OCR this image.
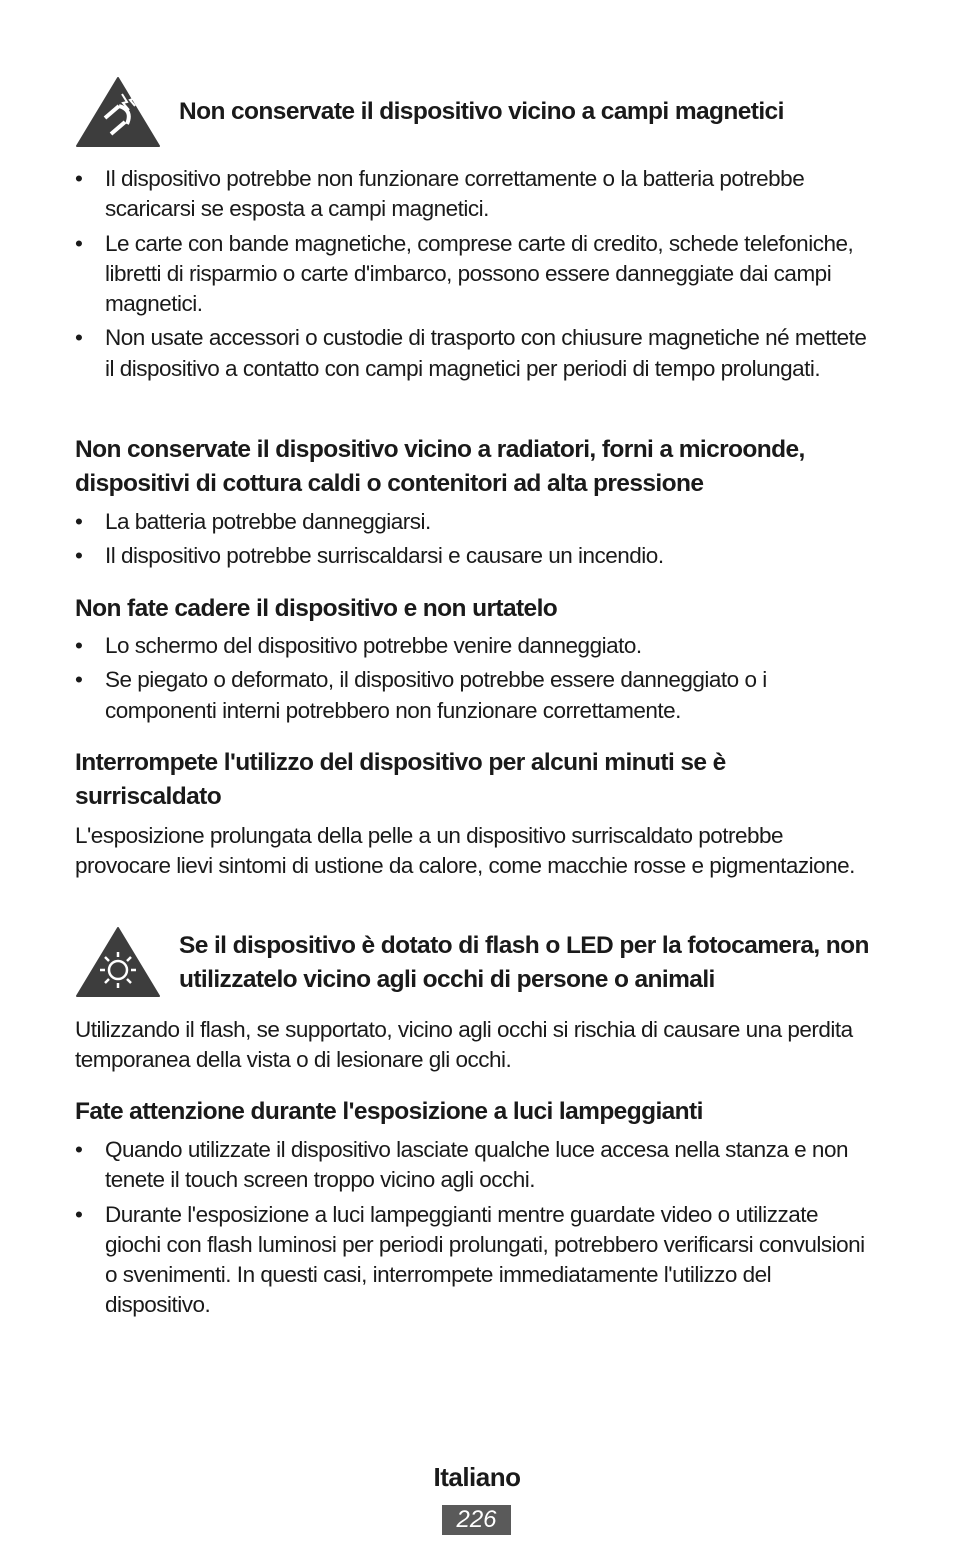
Non conservate il dispositivo vicino a campi magnetici
• Il dispositivo potrebbe non funzionare correttamente o la batteria potrebbe scaricarsi se esposta a campi magnetici.
• Le carte con bande magnetiche, comprese carte di credito, schede telefoniche, libretti di risparmio o carte d'imbarco, possono essere danneggiate dai campi magnetici.
• Non usate accessori o custodie di trasporto con chiusure magnetiche né mettete il dispositivo a contatto con campi magnetici per periodi di tempo prolungati.
Non conservate il dispositivo vicino a radiatori, forni a microonde, dispositivi di cottura caldi o contenitori ad alta pressione
• La batteria potrebbe danneggiarsi.
• Il dispositivo potrebbe surriscaldarsi e causare un incendio.
Non fate cadere il dispositivo e non urtatelo
• Lo schermo del dispositivo potrebbe venire danneggiato.
• Se piegato o deformato, il dispositivo potrebbe essere danneggiato o i componenti interni potrebbero non funzionare correttamente.
Interrompete l'utilizzo del dispositivo per alcuni minuti se è surriscaldato
L'esposizione prolungata della pelle a un dispositivo surriscaldato potrebbe provocare lievi sintomi di ustione da calore, come macchie rosse e pigmentazione.
Se il dispositivo è dotato di flash o LED per la fotocamera, non utilizzatelo vicino agli occhi di persone o animali
Utilizzando il flash, se supportato, vicino agli occhi si rischia di causare una perdita temporanea della vista o di lesionare gli occhi.
Fate attenzione durante l'esposizione a luci lampeggianti
• Quando utilizzate il dispositivo lasciate qualche luce accesa nella stanza e non tenete il touch screen troppo vicino agli occhi.
• Durante l'esposizione a luci lampeggianti mentre guardate video o utilizzate giochi con flash luminosi per periodi prolungati, potrebbero verificarsi convulsioni o svenimenti. In questi casi, interrompete immediatamente l'utilizzo del dispositivo.
Italiano
226
